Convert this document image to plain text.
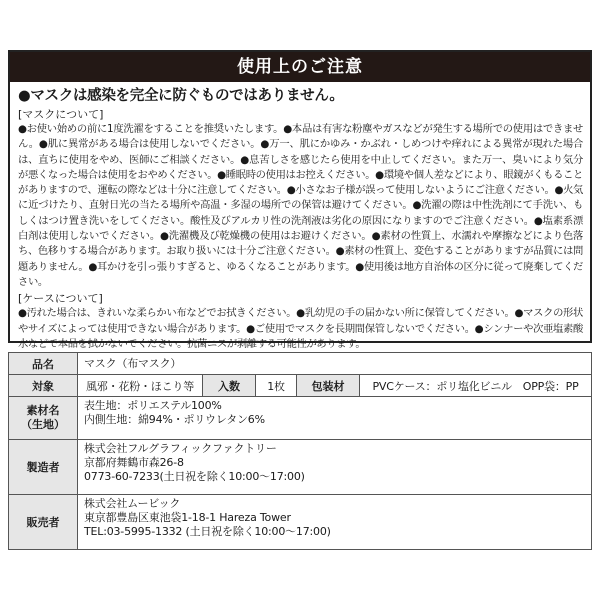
使用上のご注意
●マスクは感染を完全に防ぐものではありません。
[マスクについて]
●お使い始めの前に1度洗濯をすることを推奨いたします。●本品は有害な粉塵やガスなどが発生する場所での使用はできません。●肌に異常がある場合は使用しないでください。●万一、肌にかゆみ・かぶれ・しめつけや痒れによる異常が現れた場合は、直ちに使用をやめ、医師にご相談ください。●息苦しさを感じたら使用を中止してください。また万一、臭いにより気分が悪くなった場合は使用をおやめください。●睡眠時の使用はお控えください。●環境や個人差などにより、眼鏡がくもることがありますので、運転の際などは十分に注意してください。●小さなお子様が誤って使用しないようにご注意ください。●火気に近づけたり、直射日光の当たる場所や高温・多湿の場所での保管は避けてください。●洗濯の際は中性洗剤にて手洗い、もしくはつけ置き洗いをしてください。酸性及びアルカリ性の洗剤液は劣化の原因になりますのでご注意ください。●塩素系漂白剤は使用しないでください。●洗濯機及び乾燥機の使用はお避けください。●素材の性質上、水濡れや摩擦などにより色落ち、色移りする場合があります。お取り扱いには十分ご注意ください。●素材の性質上、変色することがありますが品質には問題ありません。●耳かけを引っ張りすぎると、ゆるくなることがあります。●使用後は地方自治体の区分に従って廃棄してください。
[ケースについて]
●汚れた場合は、きれいな柔らかい布などでお拭きください。●乳幼児の手の届かない所に保管してください。●マスクの形状やサイズによっては使用できない場合があります。●ご使用でマスクを長期間保管しないでください。●シンナーや次亜塩素酸水などで本品を拭かないでください。抗菌ニスが剥離する可能性があります。
品名	マスク（布マスク）				
対象	風邪・花粉・ほこり等	入数	1枚	包装材	PVCケース：ポリ塩化ビニル　OPP袋：PP

素材名
（生地）	表生地：ポリエステル100%
内側生地：綿94%・ポリウレタン6%				

製造者	株式会社フルグラフィックファクトリー
京都府舞鶴市森26-8
0773-60-7233(土日祝を除く10:00〜17:00)				

販売者	株式会社ムービック
東京都豊島区東池袋1-18-1 Hareza Tower
TEL:03-5995-1332 (土日祝を除く10:00〜17:00)				
